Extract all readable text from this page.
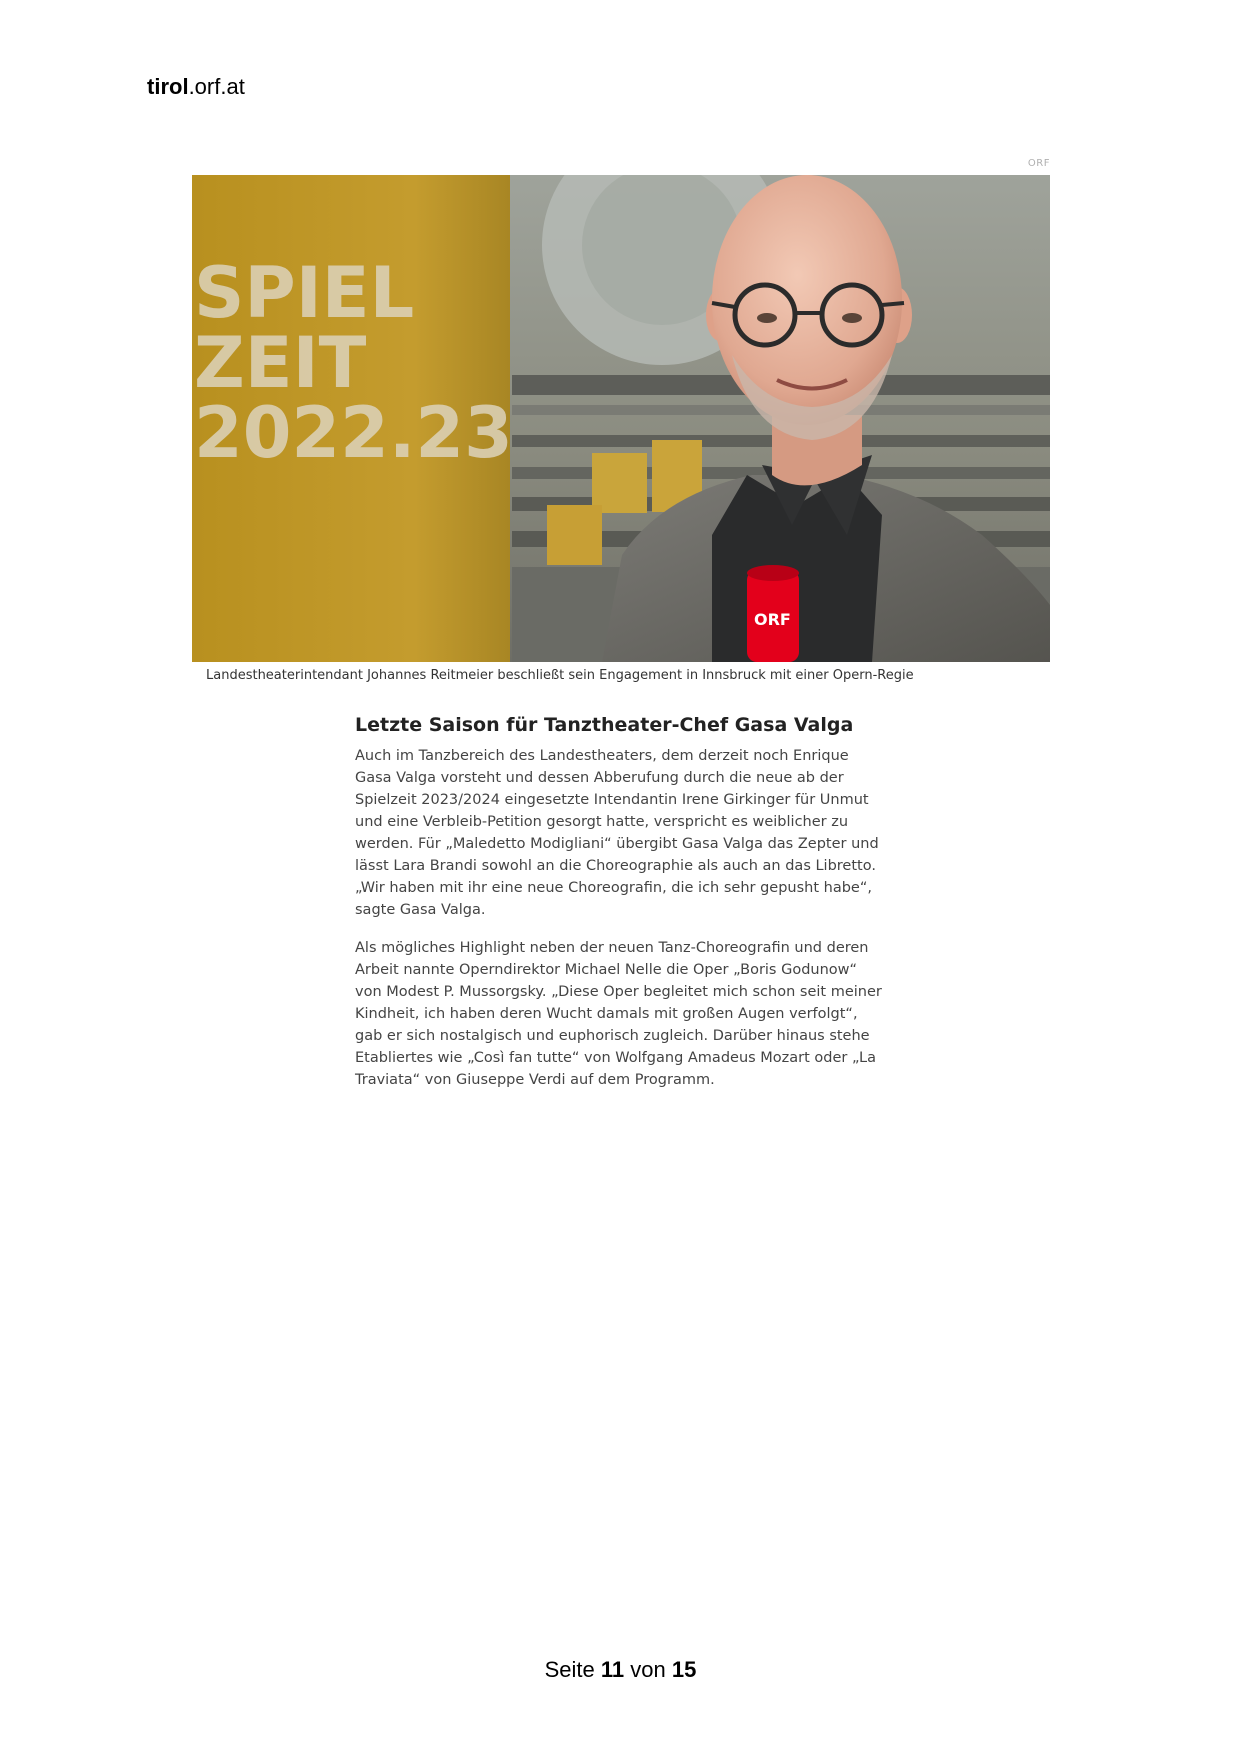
tirol.orf.at
ORF
SPIEL
ZEIT
2022.23
ORF
Landestheaterintendant Johannes Reitmeier beschließt sein Engagement in Innsbruck mit einer Opern-Regie
Letzte Saison für Tanztheater-Chef Gasa Valga

Auch im Tanzbereich des Landestheaters, dem derzeit noch Enrique Gasa Valga vorsteht und dessen Abberufung durch die neue ab der Spielzeit 2023/2024 eingesetzte Intendantin Irene Girkinger für Unmut und eine Verbleib-Petition gesorgt hatte, verspricht es weiblicher zu werden. Für „Maledetto Modigliani“ übergibt Gasa Valga das Zepter und lässt Lara Brandi sowohl an die Choreographie als auch an das Libretto. „Wir haben mit ihr eine neue Choreografin, die ich sehr gepusht habe“, sagte Gasa Valga.

Als mögliches Highlight neben der neuen Tanz-Choreografin und deren Arbeit nannte Operndirektor Michael Nelle die Oper „Boris Godunow“ von Modest P. Mussorgsky. „Diese Oper begleitet mich schon seit meiner Kindheit, ich haben deren Wucht damals mit großen Augen verfolgt“, gab er sich nostalgisch und euphorisch zugleich. Darüber hinaus stehe Etabliertes wie „Così fan tutte“ von Wolfgang Amadeus Mozart oder „La Traviata“ von Giuseppe Verdi auf dem Programm.

Seite 11 von 15
